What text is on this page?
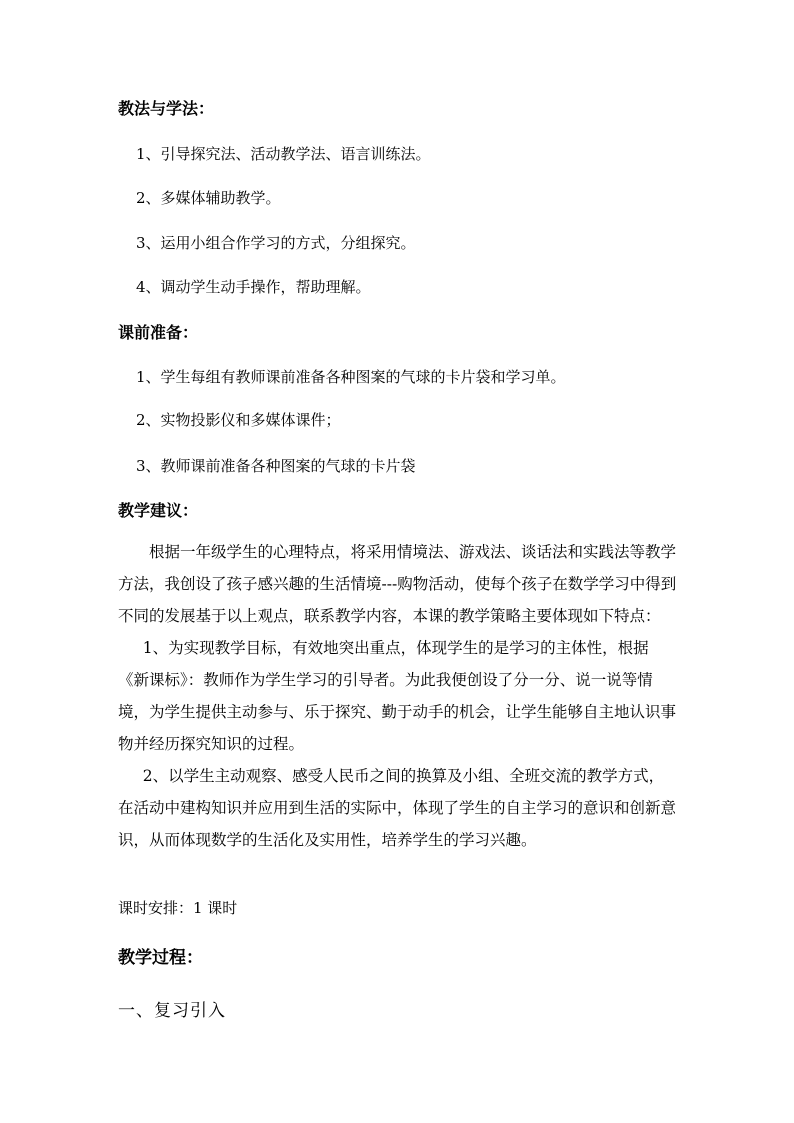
教法与学法：
1、引导探究法、活动教学法、语言训练法。
2、多媒体辅助教学。
3、运用小组合作学习的方式，分组探究。
4、调动学生动手操作，帮助理解。
课前准备：
1、学生每组有教师课前准备各种图案的气球的卡片袋和学习单。
2、实物投影仪和多媒体课件；
3、教师课前准备各种图案的气球的卡片袋
教学建议：

根据一年级学生的心理特点，将采用情境法、游戏法、谈话法和实践法等教学方法，我创设了孩子感兴趣的生活情境---购物活动，使每个孩子在数学学习中得到不同的发展基于以上观点，联系教学内容，本课的教学策略主要体现如下特点：

1、为实现教学目标，有效地突出重点，体现学生的是学习的主体性，根据《新课标》：教师作为学生学习的引导者。为此我便创设了分一分、说一说等情境，为学生提供主动参与、乐于探究、勤于动手的机会，让学生能够自主地认识事物并经历探究知识的过程。

2、以学生主动观察、感受人民币之间的换算及小组、全班交流的教学方式，在活动中建构知识并应用到生活的实际中，体现了学生的自主学习的意识和创新意识，从而体现数学的生活化及实用性，培养学生的学习兴趣。

课时安排：1 课时
教学过程：
一、复习引入
